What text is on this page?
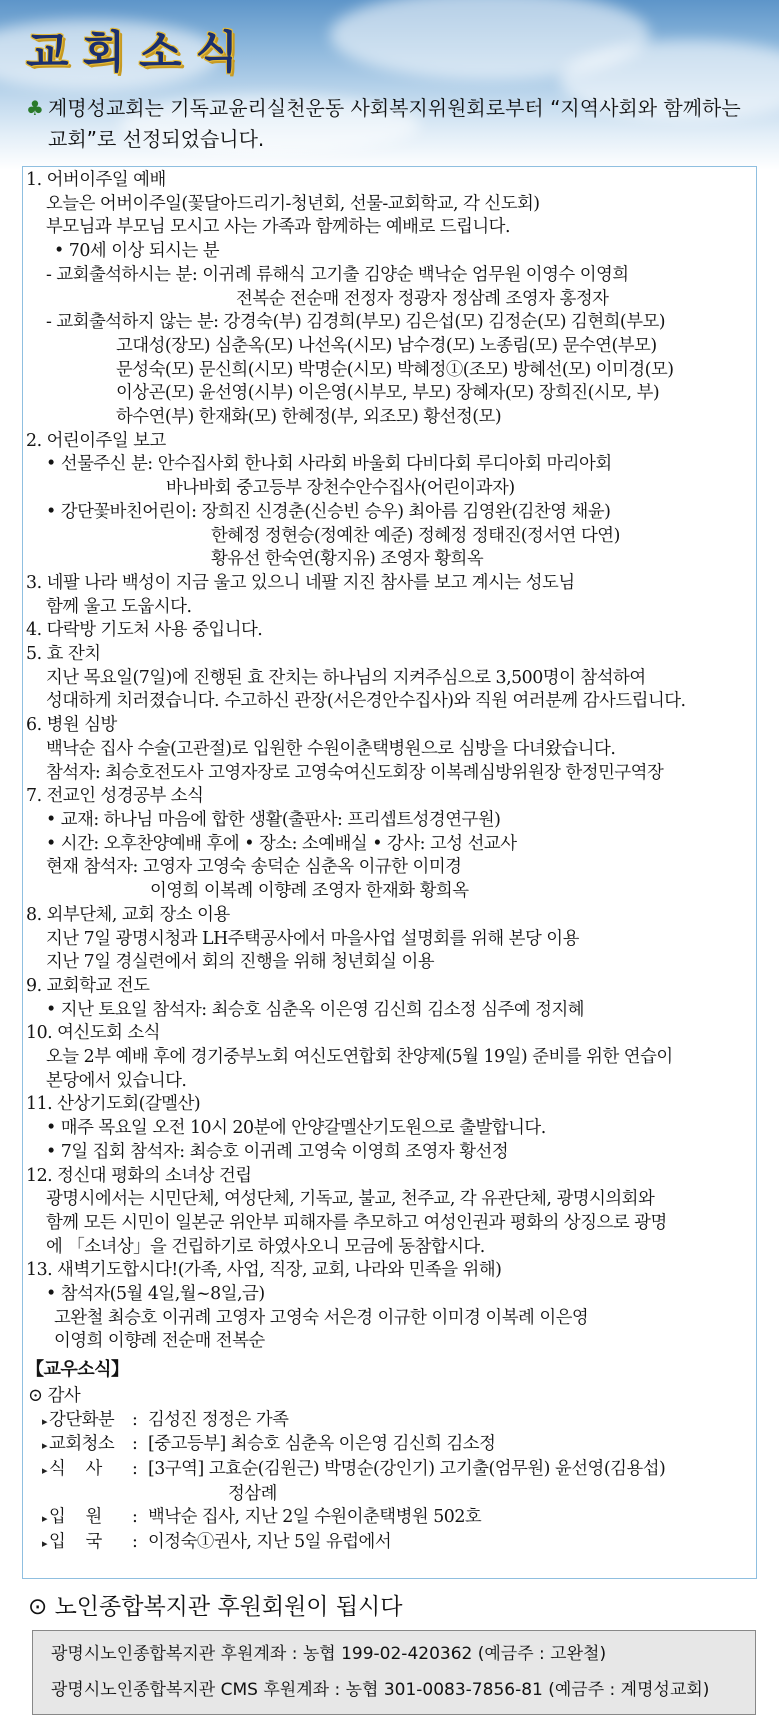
교회소식
♣ 계명성교회는 기독교윤리실천운동 사회복지위원회로부터 “지역사회와 함께하는 교회”로 선정되었습니다.
1. 어버이주일 예배
오늘은 어버이주일(꽃달아드리기-청년회, 선물-교회학교, 각 신도회)
부모님과 부모님 모시고 사는 가족과 함께하는 예배로 드립니다.
• 70세 이상 되시는 분
- 교회출석하시는 분: 이귀례 류해식 고기출 김양순 백낙순 엄무원 이영수 이영희
전복순 전순매 전정자 정광자 정삼례 조영자 홍정자
- 교회출석하지 않는 분: 강경숙(부) 김경희(부모) 김은섭(모) 김정순(모) 김현희(부모)
고대성(장모) 심춘옥(모) 나선옥(시모) 남수경(모) 노종림(모) 문수연(부모)
문성숙(모) 문신희(시모) 박명순(시모) 박혜정①(조모) 방혜선(모) 이미경(모)
이상곤(모) 윤선영(시부) 이은영(시부모, 부모) 장혜자(모) 장희진(시모, 부)
하수연(부) 한재화(모) 한혜정(부, 외조모) 황선정(모)
2. 어린이주일 보고
• 선물주신 분: 안수집사회 한나회 사라회 바울회 다비다회 루디아회 마리아회
바나바회 중고등부 장천수안수집사(어린이과자)
• 강단꽃바친어린이: 장희진 신경춘(신승빈 승우) 최아름 김영완(김찬영 채윤)
한혜정 정현승(정예찬 예준) 정혜정 정태진(정서연 다연)
황유선 한숙연(황지유) 조영자 황희옥
3. 네팔 나라 백성이 지금 울고 있으니 네팔 지진 참사를 보고 계시는 성도님
함께 울고 도웁시다.
4. 다락방 기도처 사용 중입니다.
5. 효 잔치
지난 목요일(7일)에 진행된 효 잔치는 하나님의 지켜주심으로 3,500명이 참석하여
성대하게 치러졌습니다. 수고하신 관장(서은경안수집사)와 직원 여러분께 감사드립니다.
6. 병원 심방
백낙순 집사 수술(고관절)로 입원한 수원이춘택병원으로 심방을 다녀왔습니다.
참석자: 최승호전도사 고영자장로 고영숙여신도회장 이복례심방위원장 한정민구역장
7. 전교인 성경공부 소식
• 교재: 하나님 마음에 합한 생활(출판사: 프리셉트성경연구원)
• 시간: 오후찬양예배 후에 • 장소: 소예배실 • 강사: 고성 선교사
현재 참석자: 고영자 고영숙 송덕순 심춘옥 이규한 이미경
이영희 이복례 이향례 조영자 한재화 황희옥
8. 외부단체, 교회 장소 이용
지난 7일 광명시청과 LH주택공사에서 마을사업 설명회를 위해 본당 이용
지난 7일 경실련에서 회의 진행을 위해 청년회실 이용
9. 교회학교 전도
• 지난 토요일 참석자: 최승호 심춘옥 이은영 김신희 김소정 심주예 정지혜
10. 여신도회 소식
오늘 2부 예배 후에 경기중부노회 여신도연합회 찬양제(5월 19일) 준비를 위한 연습이
본당에서 있습니다.
11. 산상기도회(갈멜산)
• 매주 목요일 오전 10시 20분에 안양갈멜산기도원으로 출발합니다.
• 7일 집회 참석자: 최승호 이귀례 고영숙 이영희 조영자 황선정
12. 정신대 평화의 소녀상 건립
광명시에서는 시민단체, 여성단체, 기독교, 불교, 천주교, 각 유관단체, 광명시의회와
함께 모든 시민이 일본군 위안부 피해자를 추모하고 여성인권과 평화의 상징으로 광명
에 「소녀상」을 건립하기로 하였사오니 모금에 동참합시다.
13. 새벽기도합시다!(가족, 사업, 직장, 교회, 나라와 민족을 위해)
• 참석자(5월 4일,월~8일,금)
고완철 최승호 이귀례 고영자 고영숙 서은경 이규한 이미경 이복례 이은영
이영희 이향례 전순매 전복순
【교우소식】
⊙ 감사
▸ 강단화분	: 김성진 정정은 가족
▸ 교회청소	: [중고등부] 최승호 심춘옥 이은영 김신희 김소정
▸ 식    사	: [3구역] 고효순(김원근) 박명순(강인기) 고기출(엄무원) 윤선영(김용섭)
정삼례
▸ 입    원	: 백낙순 집사, 지난 2일 수원이춘택병원 502호
▸ 입    국	: 이정숙①권사, 지난 5일 유럽에서
⊙ 노인종합복지관 후원회원이 됩시다
광명시노인종합복지관 후원계좌 : 농협 199-02-420362 (예금주 : 고완철)
광명시노인종합복지관 CMS 후원계좌 : 농협 301-0083-7856-81 (예금주 : 계명성교회)
